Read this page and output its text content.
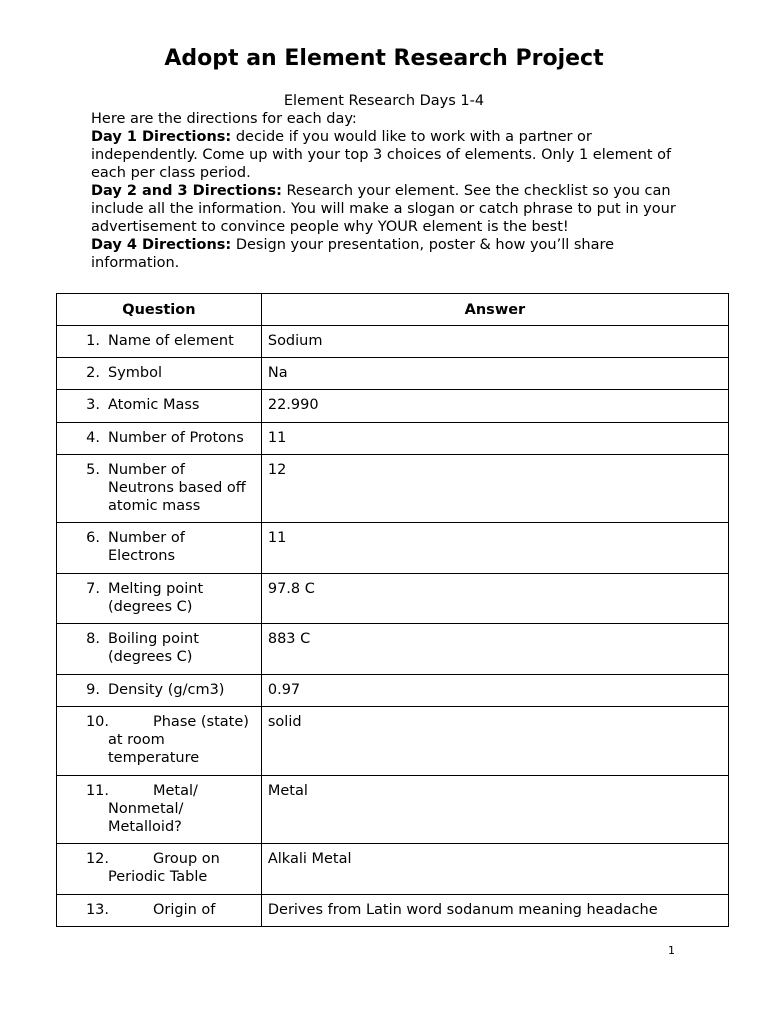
Adopt an Element Research Project
Element Research Days 1-4

Here are the directions for each day:

Day 1 Directions: decide if you would like to work with a partner or independently. Come up with your top 3 choices of elements. Only 1 element of each per class period.

Day 2 and 3 Directions: Research your element. See the checklist so you can include all the information. You will make a slogan or catch phrase to put in your advertisement to convince people why YOUR element is the best!

Day 4 Directions: Design your presentation, poster & how you’ll share information.

Question	Answer

1. Name of element	Sodium

2. Symbol	Na

3. Atomic Mass	22.990

4. Number of Protons	11

5. Number of Neutrons based off atomic mass	12

6. Number of Electrons	11

7. Melting point (degrees C)	97.8 C

8. Boiling point (degrees C)	883 C

9. Density (g/cm3)	0.97

10. Phase (state) at room temperature	solid

11. Metal/ Nonmetal/ Metalloid?	Metal

12. Group on Periodic Table	Alkali Metal

13. Origin of	Derives from Latin word sodanum meaning headache
1
